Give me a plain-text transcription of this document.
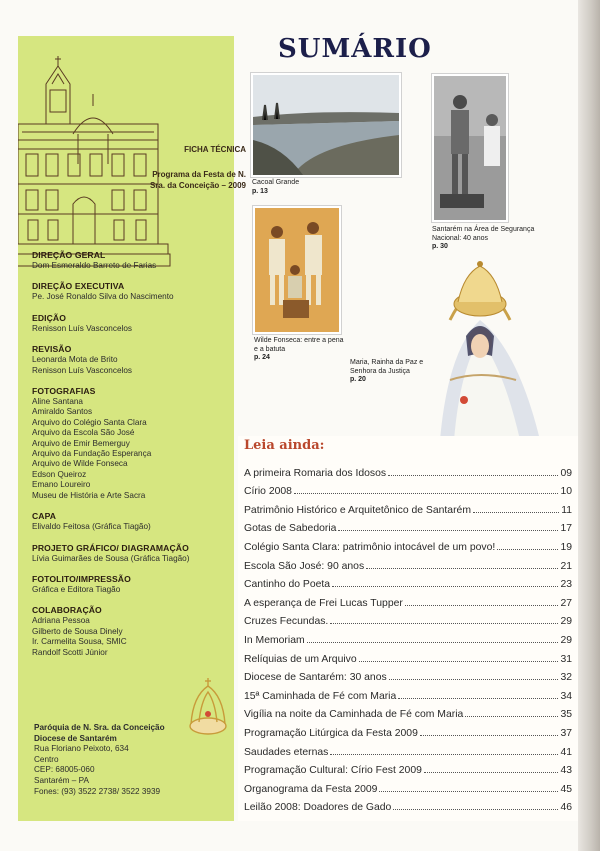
FICHA TÉCNICA
Programa da Festa de N. Sra. da Conceição – 2009
DIREÇÃO GERAL
Dom Esmeraldo Barreto de Farias
DIREÇÃO EXECUTIVA
Pe. José Ronaldo Silva do Nascimento
EDIÇÃO
Renisson Luís Vasconcelos
REVISÃO
Leonarda Mota de Brito
Renisson Luís Vasconcelos
FOTOGRAFIAS
Aline Santana
Amiraldo Santos
Arquivo do Colégio Santa Clara
Arquivo da Escola São José
Arquivo de Emir Bemerguy
Arquivo da Fundação Esperança
Arquivo de Wilde Fonseca
Edson Queiroz
Emano Loureiro
Museu de História e Arte Sacra
CAPA
Elivaldo Feitosa (Gráfica Tiagão)
PROJETO GRÁFICO/ DIAGRAMAÇÃO
Lívia Guimarães de Sousa (Gráfica Tiagão)
FOTOLITO/IMPRESSÃO
Gráfica e Editora Tiagão
COLABORAÇÃO
Adriana Pessoa
Gilberto de Sousa Dinely
Ir. Carmelita Sousa, SMIC
Randolf Scotti Júnior
Paróquia de N. Sra. da Conceição
Diocese de Santarém
Rua Floriano Peixoto, 634
Centro
CEP: 68005-060
Santarém – PA
Fones: (93) 3522 2738/ 3522 3939
SUMÁRIO
Cacoal Grande
p. 13
Santarém na Área de Segurança Nacional: 40 anos
p. 30
Wilde Fonseca: entre a pena e a batuta
p. 24
Maria, Rainha da Paz e Senhora da Justiça
p. 20
Leia ainda:
A primeira Romaria dos Idosos	09
Círio 2008	10
Patrimônio Histórico e Arquitetônico de Santarém	11
Gotas de Sabedoria	17
Colégio Santa Clara: patrimônio intocável de um povo!	19
Escola São José: 90 anos	21
Cantinho do Poeta	23
A esperança de Frei Lucas Tupper	27
Cruzes Fecundas.	29
In Memoriam	29
Relíquias de um Arquivo	31
Diocese de Santarém: 30 anos	32
15ª Caminhada de Fé com Maria	34
Vigília na noite da Caminhada de Fé com Maria	35
Programação Litúrgica da Festa 2009	37
Saudades eternas	41
Programação Cultural: Círio Fest 2009	43
Organograma da Festa 2009	45
Leilão 2008: Doadores de Gado	46
